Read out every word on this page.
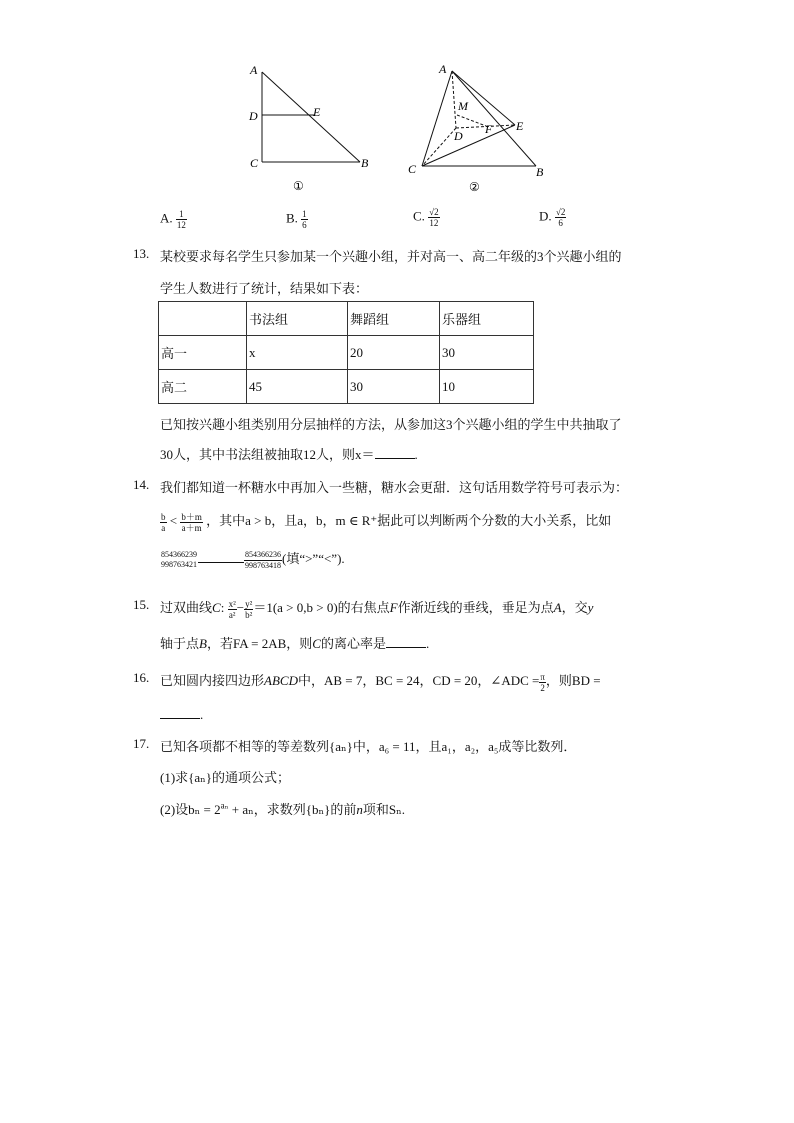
A
D	E
C	B
①
A
M
D F E
C	B
②
A. $\frac{1}{12}$	B. $\frac{1}{6}$	C. $\frac{√2}{12}$	D. $\frac{√2}{6}$
13. 某校要求每名学生只参加某一个兴趣小组，并对高一、高二年级的3个兴趣小组的
学生人数进行了统计，结果如下表：
	书法组	舞蹈组	乐器组
高一	x	20	30
高二	45	30	10
已知按兴趣小组类别用分层抽样的方法，从参加这3个兴趣小组的学生中共抽取了
30人，其中书法组被抽取12人，则x＝	.
14. 我们都知道一杯糖水中再加入一些糖，糖水会更甜．这句话用数学符号可表示为：
$\frac{b}{a} < \frac{b+m}{a+m}$ ，其中a > b，且a，b，m ∈ R⁺据此可以判断两个分数的大小关系，比如
854366239
998763421	$\frac{854366236}{998763418}$ (填“>”“<”).
15. 过双曲线C: $\frac{\text{x²}}{\text{a²}} - \frac{\text{y²}}{\text{b²}} =1(a > 0,b > 0)$的右焦点F作渐近线的垂线，垂足为点A，交y
轴于点B，若FA = 2AB，则C的离心率是	.
16. 已知圆内接四边形ABCD中，AB = 7，BC = 24，CD = 20，∠ADC = $\frac{\pi}{2}$ ，则BD =
.
17. 已知各项都不相等的等差数列{aₙ}中，a₆ = 11，且a₁，a₂，a₅成等比数列．
(1)求{aₙ}的通项公式；
(2)设$b_n = 2^{a_n} + a_n$，求数列{bₙ}的前n项和Sₙ.
